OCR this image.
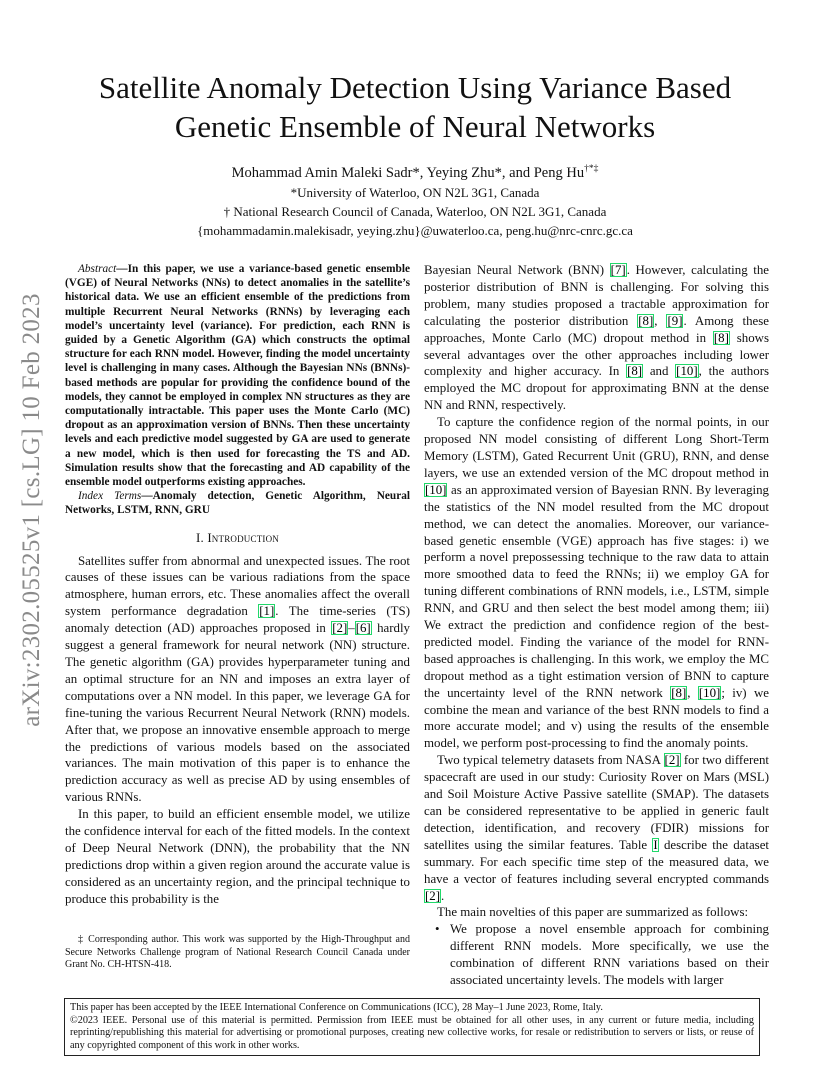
arXiv:2302.05525v1 [cs.LG] 10 Feb 2023
Satellite Anomaly Detection Using Variance Based
Genetic Ensemble of Neural Networks
Mohammad Amin Maleki Sadr*, Yeying Zhu*, and Peng Hu†*‡
*University of Waterloo, ON N2L 3G1, Canada
† National Research Council of Canada, Waterloo, ON N2L 3G1, Canada
{mohammadamin.malekisadr, yeying.zhu}@uwaterloo.ca, peng.hu@nrc-cnrc.gc.ca

Abstract—In this paper, we use a variance-based genetic ensemble (VGE) of Neural Networks (NNs) to detect anomalies in the satellite’s historical data. We use an efficient ensemble of the predictions from multiple Recurrent Neural Networks (RNNs) by leveraging each model’s uncertainty level (variance). For prediction, each RNN is guided by a Genetic Algorithm (GA) which constructs the optimal structure for each RNN model. However, finding the model uncertainty level is challenging in many cases. Although the Bayesian NNs (BNNs)-based methods are popular for providing the confidence bound of the models, they cannot be employed in complex NN structures as they are computationally intractable. This paper uses the Monte Carlo (MC) dropout as an approximation version of BNNs. Then these uncertainty levels and each predictive model suggested by GA are used to generate a new model, which is then used for forecasting the TS and AD. Simulation results show that the forecasting and AD capability of the ensemble model outperforms existing approaches.

Index Terms—Anomaly detection, Genetic Algorithm, Neural Networks, LSTM, RNN, GRU

I. Introduction

Satellites suffer from abnormal and unexpected issues. The root causes of these issues can be various radiations from the space atmosphere, human errors, etc. These anomalies affect the overall system performance degradation [1]. The time-series (TS) anomaly detection (AD) approaches proposed in [2]–[6] hardly suggest a general framework for neural network (NN) structure. The genetic algorithm (GA) provides hyperparameter tuning and an optimal structure for an NN and imposes an extra layer of computations over a NN model. In this paper, we leverage GA for fine-tuning the various Recurrent Neural Network (RNN) models. After that, we propose an innovative ensemble approach to merge the predictions of various models based on the associated variances. The main motivation of this paper is to enhance the prediction accuracy as well as precise AD by using ensembles of various RNNs.

In this paper, to build an efficient ensemble model, we utilize the confidence interval for each of the fitted models. In the context of Deep Neural Network (DNN), the probability that the NN predictions drop within a given region around the accurate value is considered as an uncertainty region, and the principal technique to produce this probability is the

‡ Corresponding author. This work was supported by the High-Throughput and Secure Networks Challenge program of National Research Council Canada under Grant No. CH-HTSN-418.

Bayesian Neural Network (BNN) [7]. However, calculating the posterior distribution of BNN is challenging. For solving this problem, many studies proposed a tractable approximation for calculating the posterior distribution [8], [9]. Among these approaches, Monte Carlo (MC) dropout method in [8] shows several advantages over the other approaches including lower complexity and higher accuracy. In [8] and [10], the authors employed the MC dropout for approximating BNN at the dense NN and RNN, respectively.

To capture the confidence region of the normal points, in our proposed NN model consisting of different Long Short-Term Memory (LSTM), Gated Recurrent Unit (GRU), RNN, and dense layers, we use an extended version of the MC dropout method in [10] as an approximated version of Bayesian RNN. By leveraging the statistics of the NN model resulted from the MC dropout method, we can detect the anomalies. Moreover, our variance-based genetic ensemble (VGE) approach has five stages: i) we perform a novel prepossessing technique to the raw data to attain more smoothed data to feed the RNNs; ii) we employ GA for tuning different combinations of RNN models, i.e., LSTM, simple RNN, and GRU and then select the best model among them; iii) We extract the prediction and confidence region of the best-predicted model. Finding the variance of the model for RNN-based approaches is challenging. In this work, we employ the MC dropout method as a tight estimation version of BNN to capture the uncertainty level of the RNN network [8], [10]; iv) we combine the mean and variance of the best RNN models to find a more accurate model; and v) using the results of the ensemble model, we perform post-processing to find the anomaly points.

Two typical telemetry datasets from NASA [2] for two different spacecraft are used in our study: Curiosity Rover on Mars (MSL) and Soil Moisture Active Passive satellite (SMAP). The datasets can be considered representative to be applied in generic fault detection, identification, and recovery (FDIR) missions for satellites using the similar features. Table I describe the dataset summary. For each specific time step of the measured data, we have a vector of features including several encrypted commands [2].

The main novelties of this paper are summarized as follows:

• We propose a novel ensemble approach for combining different RNN models. More specifically, we use the combination of different RNN variations based on their associated uncertainty levels. The models with larger

This paper has been accepted by the IEEE International Conference on Communications (ICC), 28 May–1 June 2023, Rome, Italy.

©2023 IEEE. Personal use of this material is permitted. Permission from IEEE must be obtained for all other uses, in any current or future media, including reprinting/republishing this material for advertising or promotional purposes, creating new collective works, for resale or redistribution to servers or lists, or reuse of any copyrighted component of this work in other works.
